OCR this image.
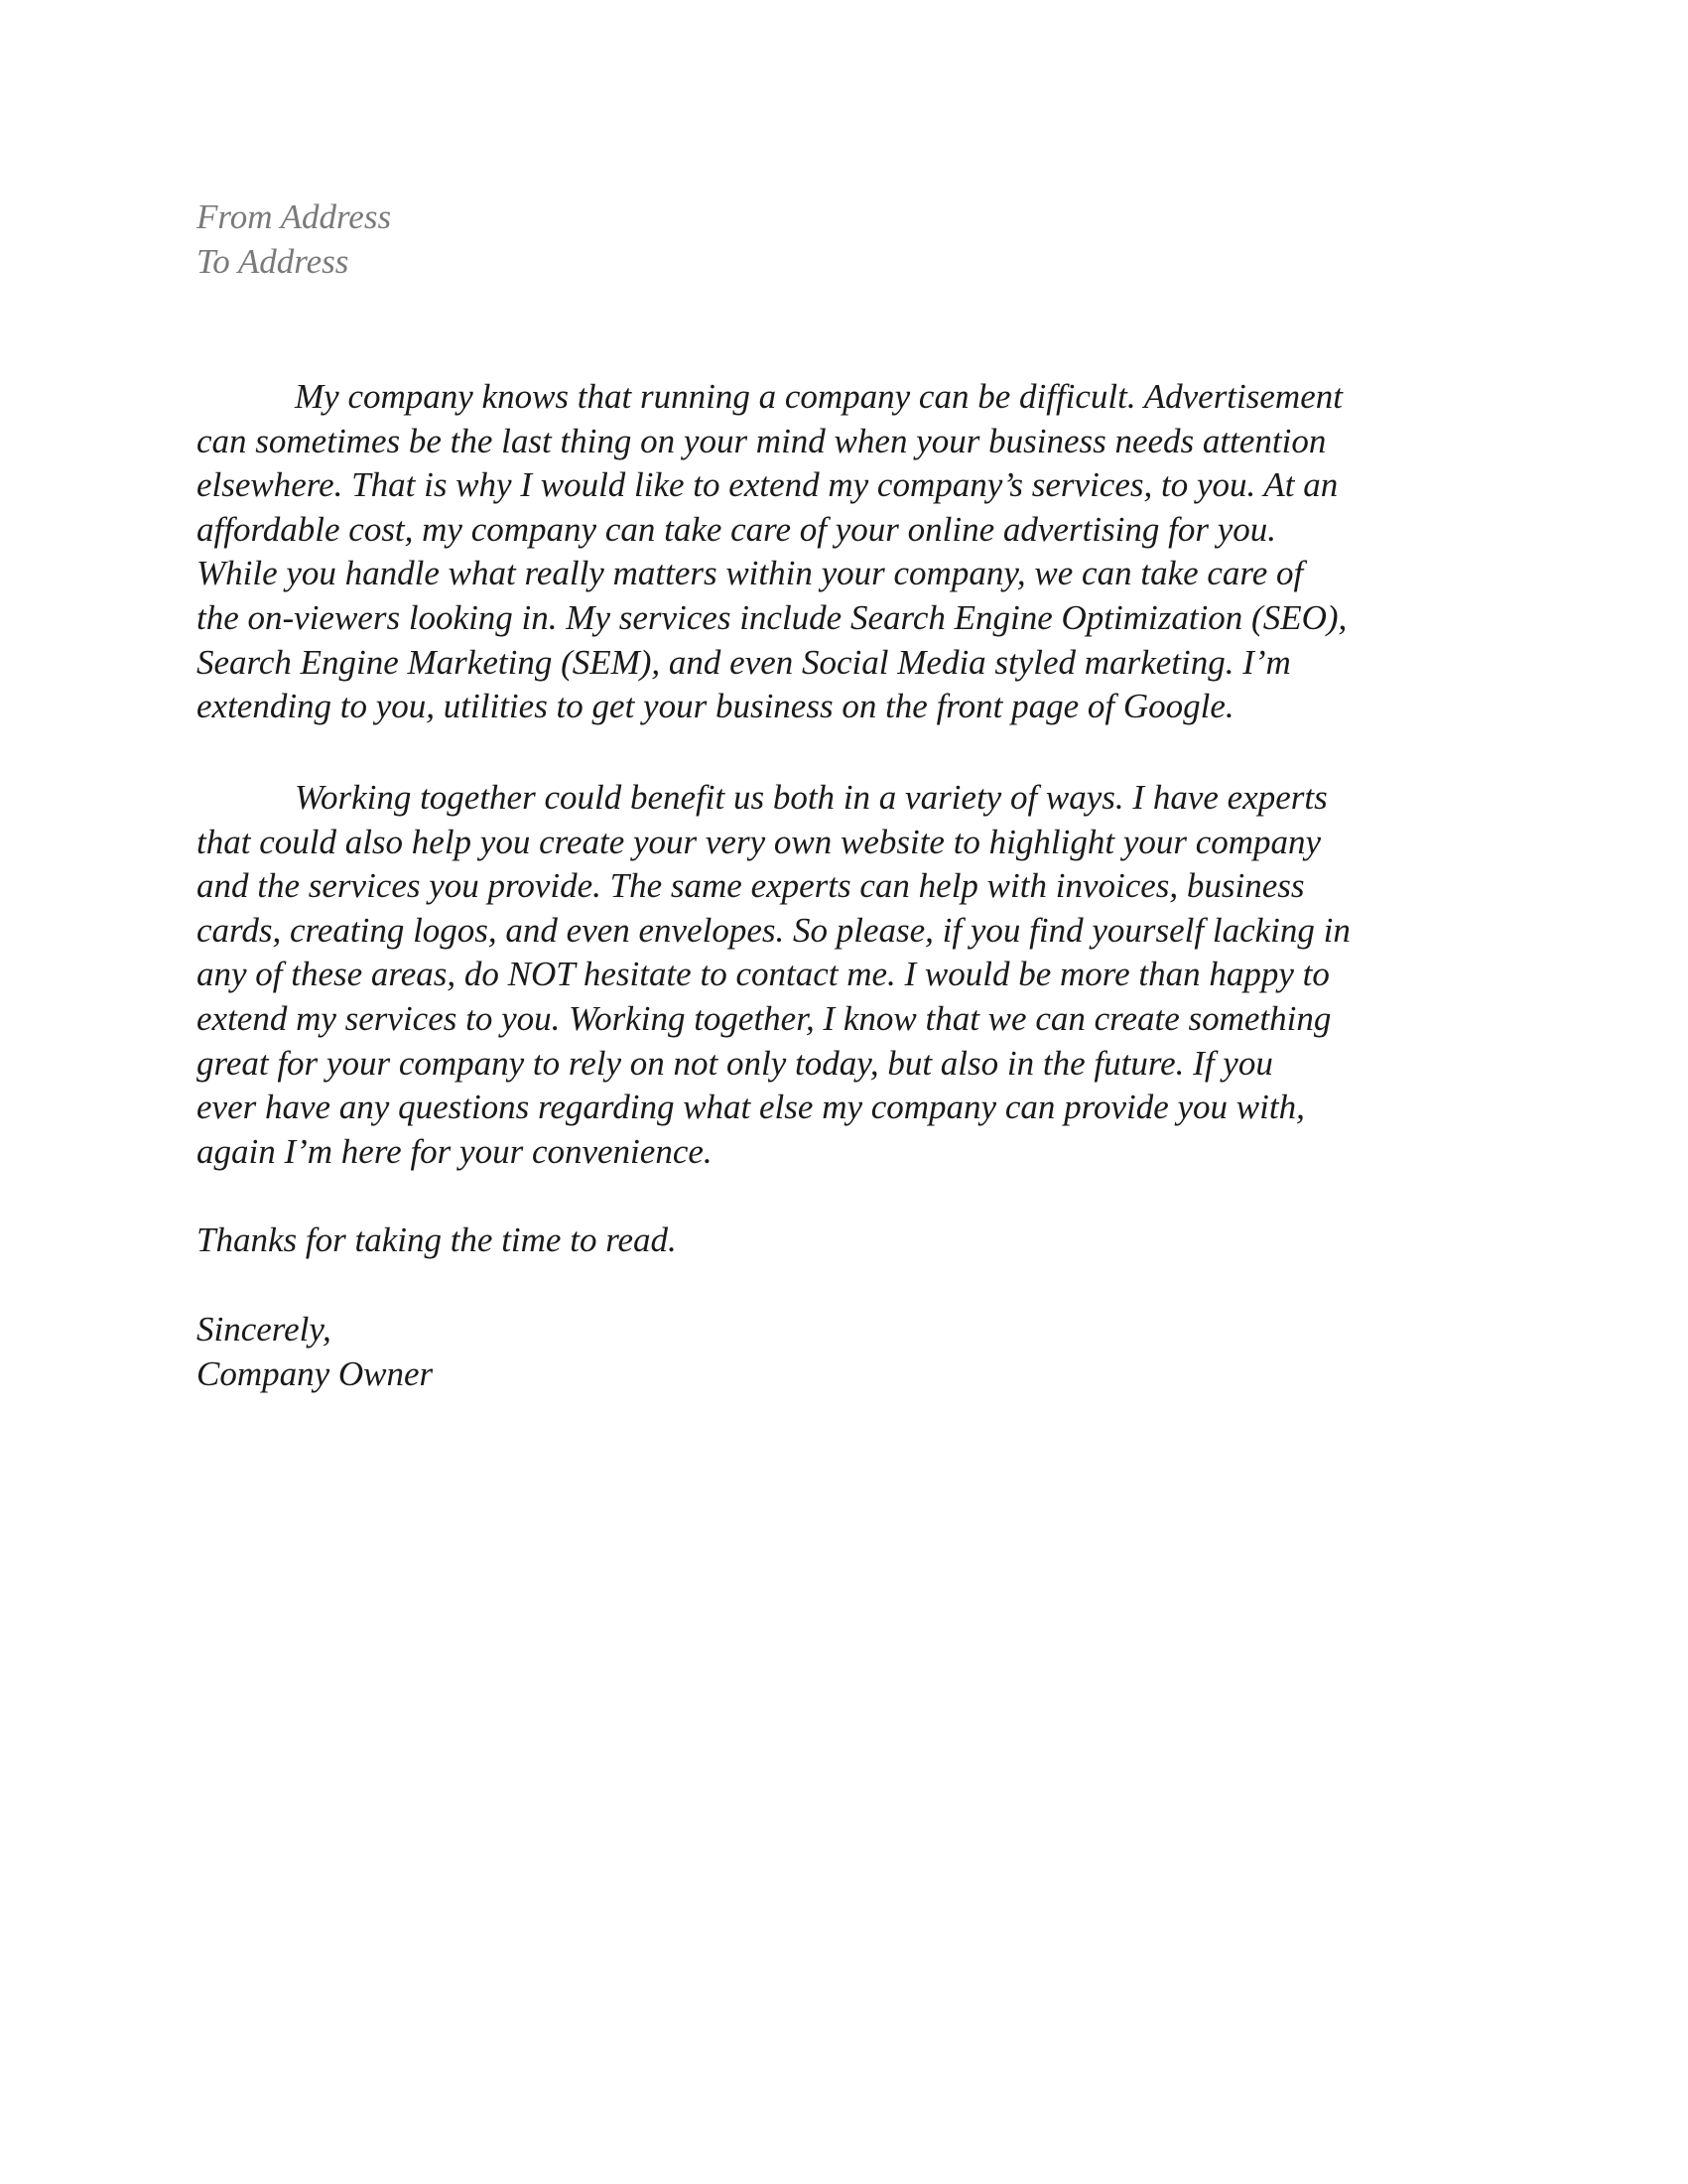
From Address
To Address
My company knows that running a company can be difficult. Advertisement
can sometimes be the last thing on your mind when your business needs attention
elsewhere. That is why I would like to extend my company’s services, to you. At an
affordable cost, my company can take care of your online advertising for you.
While you handle what really matters within your company, we can take care of
the on-viewers looking in. My services include Search Engine Optimization (SEO),
Search Engine Marketing (SEM), and even Social Media styled marketing. I’m
extending to you, utilities to get your business on the front page of Google.
Working together could benefit us both in a variety of ways. I have experts
that could also help you create your very own website to highlight your company
and the services you provide. The same experts can help with invoices, business
cards, creating logos, and even envelopes. So please, if you find yourself lacking in
any of these areas, do NOT hesitate to contact me. I would be more than happy to
extend my services to you. Working together, I know that we can create something
great for your company to rely on not only today, but also in the future. If you
ever have any questions regarding what else my company can provide you with,
again I’m here for your convenience.
Thanks for taking the time to read.
Sincerely,
Company Owner
